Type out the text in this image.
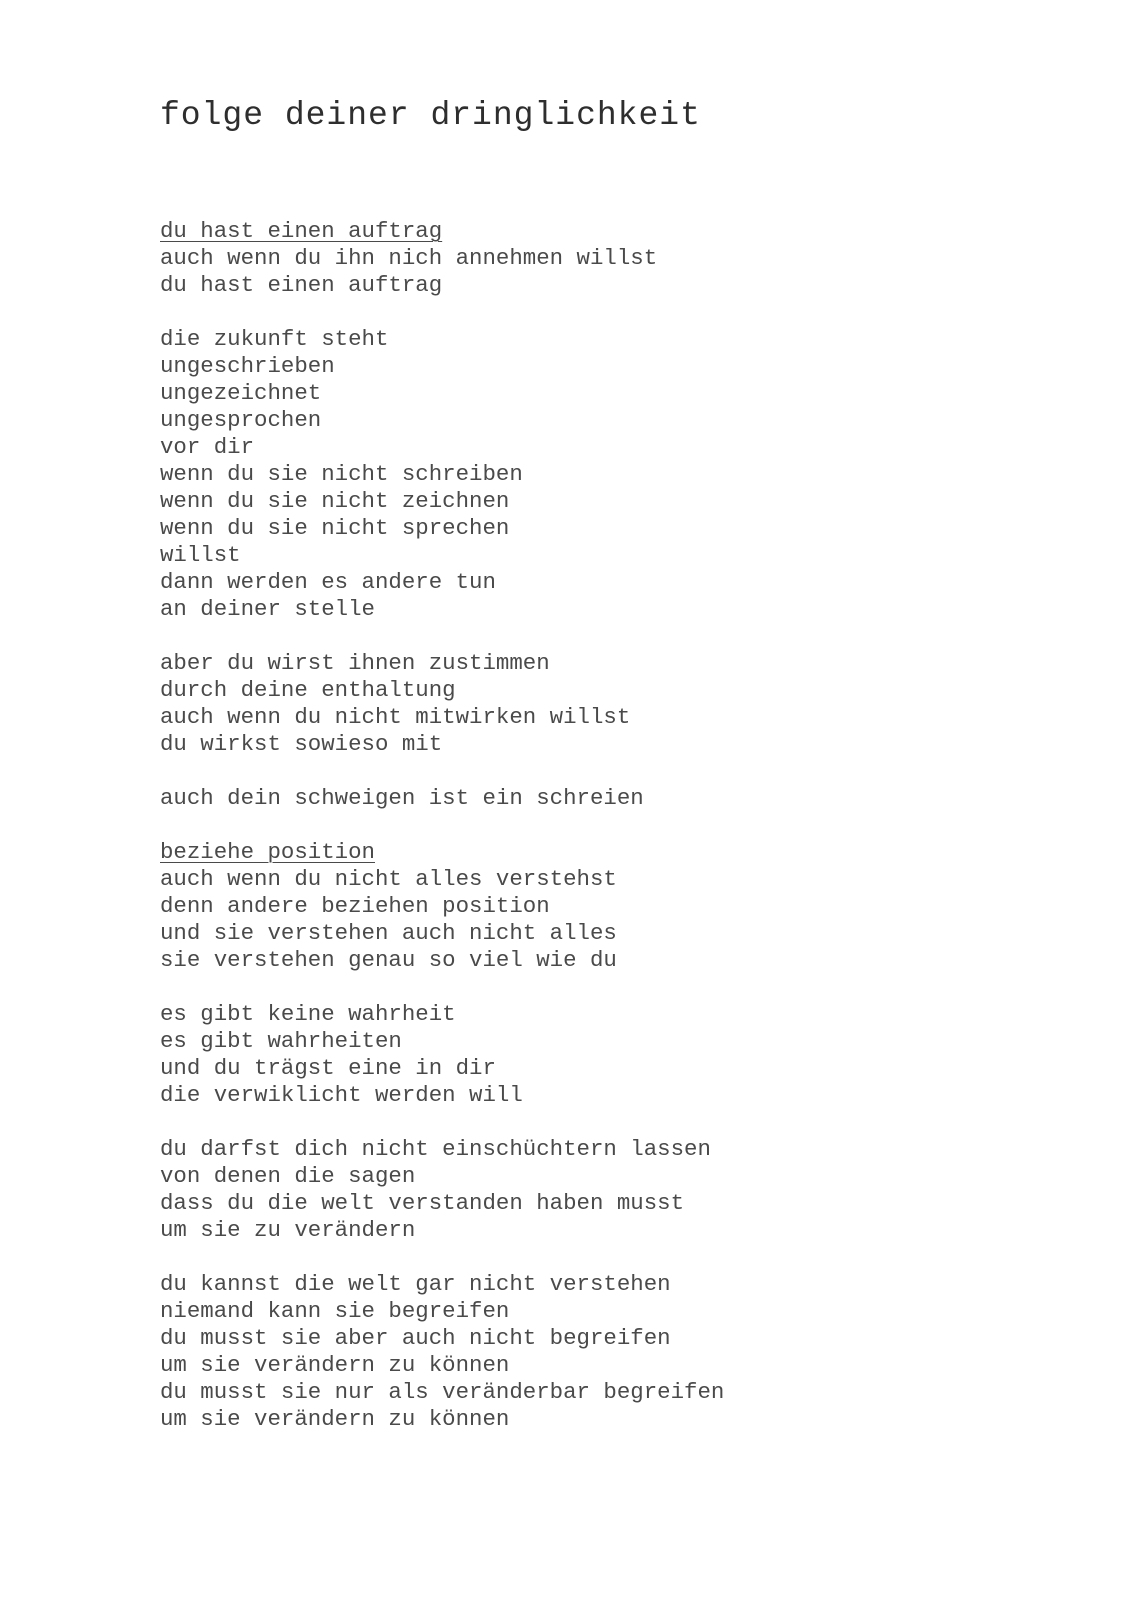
folge deiner dringlichkeit
du hast einen auftrag
auch wenn du ihn nich annehmen willst
du hast einen auftrag
die zukunft steht
ungeschrieben
ungezeichnet
ungesprochen
vor dir
wenn du sie nicht schreiben
wenn du sie nicht zeichnen
wenn du sie nicht sprechen
willst
dann werden es andere tun
an deiner stelle
aber du wirst ihnen zustimmen
durch deine enthaltung
auch wenn du nicht mitwirken willst
du wirkst sowieso mit
auch dein schweigen ist ein schreien
beziehe position
auch wenn du nicht alles verstehst
denn andere beziehen position
und sie verstehen auch nicht alles
sie verstehen genau so viel wie du
es gibt keine wahrheit
es gibt wahrheiten
und du trägst eine in dir
die verwiklicht werden will
du darfst dich nicht einschüchtern lassen
von denen die sagen
dass du die welt verstanden haben musst
um sie zu verändern
du kannst die welt gar nicht verstehen
niemand kann sie begreifen
du musst sie aber auch nicht begreifen
um sie verändern zu können
du musst sie nur als veränderbar begreifen
um sie verändern zu können
